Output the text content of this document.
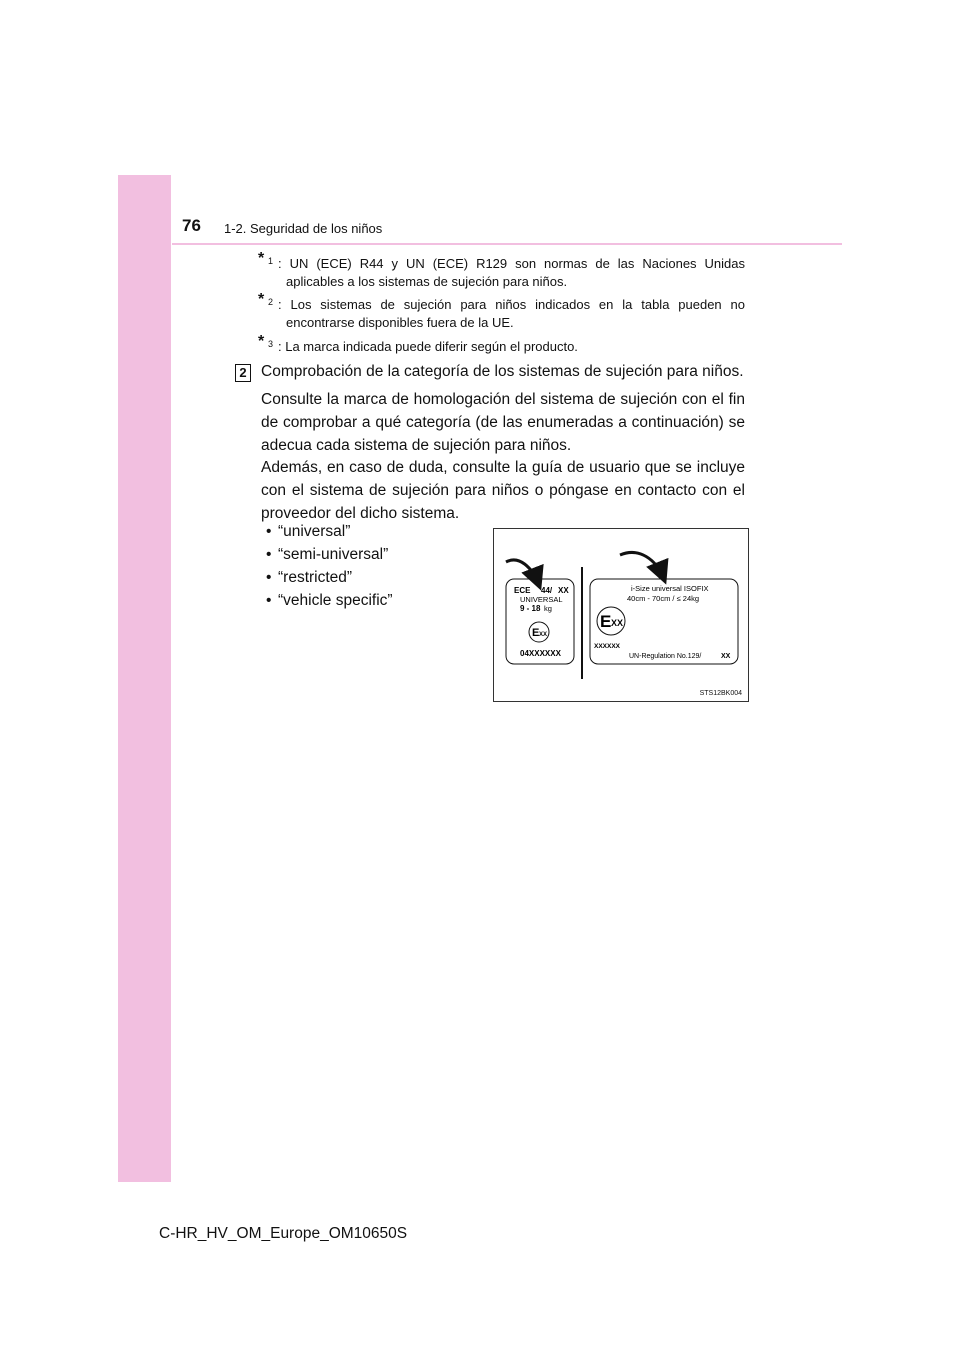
76 1-2. Seguridad de los niños
* 1 : UN (ECE) R44 y UN (ECE) R129 son normas de las Naciones Unidas
aplicables a los sistemas de sujeción para niños.
* 2 : Los sistemas de sujeción para niños indicados en la tabla pueden no
encontrarse disponibles fuera de la UE.
* 3 : La marca indicada puede diferir según el producto.
2 Comprobación de la categoría de los sistemas de sujeción para niños.
Consulte la marca de homologación del sistema de sujeción con el fin
de comprobar a qué categoría (de las enumeradas a continuación) se
adecua cada sistema de sujeción para niños.
Además, en caso de duda, consulte la guía de usuario que se incluye
con el sistema de sujeción para niños o póngase en contacto con el
proveedor del dicho sistema.
• “universal”
• “semi-universal”
• “restricted”
• “vehicle specific”
ECE 44/ XX
UNIVERSAL
9 - 18 kg
E XX
04XXXXXX
i-Size universal ISOFIX
40cm - 70cm / ≤ 24kg
E XX
XXXXXX
UN-Regulation No.129/	XX
STS12BK004
C-HR_HV_OM_Europe_OM10650S
